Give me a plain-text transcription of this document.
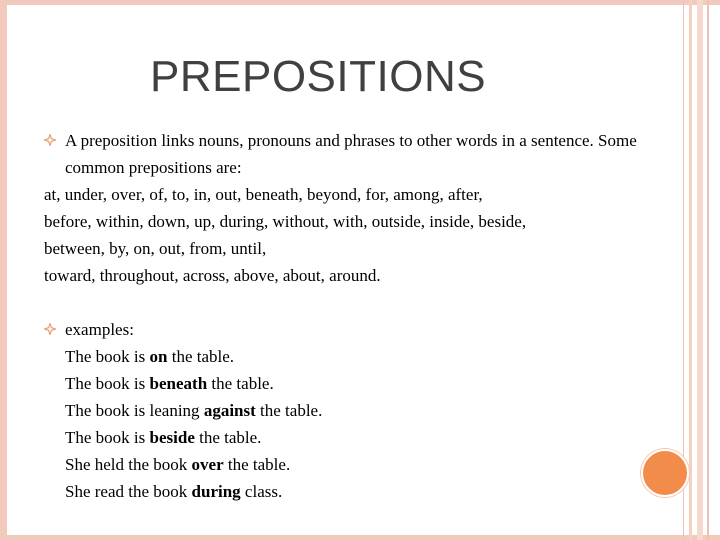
PREPOSITIONS

A preposition links nouns, pronouns and phrases to other words in a sentence. Some common prepositions are:

at, under, over, of, to, in, out, beneath, beyond, for, among, after,

before, within, down, up, during, without, with, outside, inside, beside,

between, by, on, out, from, until,

toward, throughout, across, above, about, around.

examples:

The book is on the table.

The book is beneath the table.

The book is leaning against the table.

The book is beside the table.

She held the book over the table.

She read the book during class.
